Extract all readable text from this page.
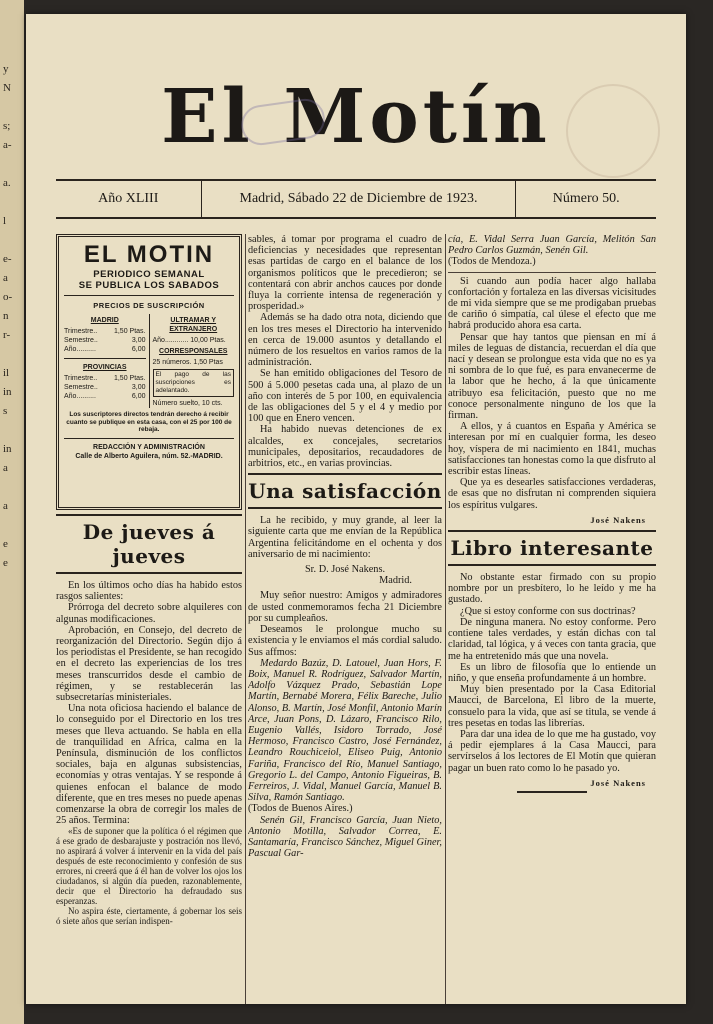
y
N

s;
a-

a.

l

e-
a
o-
n
r-

il
in
s

in
a

a

e
e
El Motín
Año XLIII	Madrid, Sábado 22 de Diciembre de 1923.	Número 50.
EL MOTIN
PERIODICO SEMANAL
SE PUBLICA LOS SABADOS
PRECIOS DE SUSCRIPCIÓN
MADRID
Trimestre.. 1,50 Ptas.
Semestre..	3,00
Año..........	6,00
PROVINCIAS
Trimestre.. 1,50 Ptas.
Semestre..	3,00
Año..........	6,00
ULTRAMAR Y EXTRANJERO
Año............ 10,00 Ptas.
CORRESPONSALES
25 números. 1,50 Ptas
El pago de las suscripciones es adelantado.
Número suelto, 10 cts.
Los suscriptores directos tendrán derecho á recibir cuanto se publique en esta casa, con el 25 por 100 de rebaja.
REDACCIÓN Y ADMINISTRACIÓN
Calle de Alberto Aguilera, núm. 52.-MADRID.
De jueves á jueves

En los últimos ocho días ha habido estos rasgos salientes:

Prórroga del decreto sobre alquileres con algunas modificaciones.

Aprobación, en Consejo, del decreto de reorganización del Directorio. Según dijo á los periodistas el Presidente, se han recogido en el decreto las experiencias de los tres meses transcurridos desde el cambio de régimen, y se restablecerán las subsecretarías ministeriales.

Una nota oficiosa haciendo el balance de lo conseguido por el Directorio en los tres meses que lleva actuando. Se habla en ella de tranquilidad en Africa, calma en la Península, disminución de los conflictos sociales, baja en algunas subsistencias, economías y otras ventajas. Y se responde á quienes enfocan el balance de modo diferente, que en tres meses no puede apenas comenzarse la obra de corregir los males de 25 años. Termina:

«Es de suponer que la política ó el régimen que á ese grado de desbarajuste y postración nos llevó, no aspirará á volver á intervenir en la vida del país después de este reconocimiento y confesión de sus errores, ni creerá que á él han de volver los ojos los ciudadanos, si algún día pueden, razonablemente, decir que el Directorio ha defraudado sus esperanzas.

No aspira éste, ciertamente, á gobernar los seis ó siete años que serían indispen-

sables, á tomar por programa el cuadro de deficiencias y necesidades que representan esas partidas de cargo en el balance de los organismos políticos que le precedieron; se contentará con abrir anchos cauces por donde fluya la corriente intensa de regeneración y prosperidad.»

Además se ha dado otra nota, diciendo que en los tres meses el Directorio ha intervenido en cerca de 19.000 asuntos y detallando el número de los resueltos en varios ramos de la administración.

Se han emitido obligaciones del Tesoro de 500 á 5.000 pesetas cada una, al plazo de un año con interés de 5 por 100, en equivalencia de las obligaciones del 5 y el 4 y medio por 100 que en Enero vencen.

Ha habido nuevas detenciones de ex alcaldes, ex concejales, secretarios municipales, depositarios, recaudadores de arbitrios, etc., en varias provincias.

Una satisfacción

La he recibido, y muy grande, al leer la siguiente carta que me envían de la República Argentina felicitándome en el ochenta y dos aniversario de mi nacimiento:

Sr. D. José Nakens.

Madrid.

Muy señor nuestro: Amigos y admiradores de usted conmemoramos fecha 21 Diciembre por su cumpleaños.

Deseamos le prolongue mucho su existencia y le enviamos el más cordial saludo. Sus affmos:

Medardo Bazúz, D. Latouel, Juan Hors, F. Boix, Manuel R. Rodríguez, Salvador Martín, Adolfo Vázquez Prado, Sebastián Lope Martín, Bernabé Morera, Félix Bareche, Julio Alonso, B. Martín, José Monfil, Antonio Marín Arce, Juan Pons, D. Lázaro, Francisco Rilo, Eugenio Vallés, Isidoro Torrado, José Hermoso, Francisco Castro, José Fernández, Leandro Rouchiceiol, Eliseo Puig, Antonio Fariña, Francisco del Río, Manuel Santiago, Gregorio L. del Campo, Antonio Figueiras, B. Ferreiros, J. Vidal, Manuel García, Manuel B. Silva, Ramón Santiago.

(Todos de Buenos Aires.)

Senén Gil, Francisco García, Juan Nieto, Antonio Motilla, Salvador Correa, E. Santamaría, Francisco Sánchez, Miguel Giner, Pascual Gar-

cía, E. Vidal Serra Juan García, Melitón San Pedro Carlos Guzmán, Senén Gil.

(Todos de Mendoza.)

Si cuando aun podía hacer algo hallaba confortación y fortaleza en las diversas vicisitudes de mi vida siempre que se me prodigaban pruebas de cariño ó simpatía, cal úlese el efecto que me habrá producido ahora esa carta.

Pensar que hay tantos que piensan en mí á miles de leguas de distancia, recuerdan el día que nací y desean se prolongue esta vida que no es ya ni sombra de lo que fué, es para envanecerme de la labor que he hecho, á la que únicamente atribuyo esa felicitación, puesto que no me conoce personalmente ninguno de los que la firman.

A ellos, y á cuantos en España y América se interesan por mí en cualquier forma, les deseo hoy, víspera de mi nacimiento en 1841, muchas satisfacciones tan honestas como la que disfruto al escribir estas líneas.

Que ya es desearles satisfacciones verdaderas, de esas que no disfrutan ni comprenden siquiera los espíritus vulgares.

José Nakens
Libro interesante

No obstante estar firmado con su propio nombre por un presbítero, lo he leído y me ha gustado.

¿Que si estoy conforme con sus doctrinas?

De ninguna manera. No estoy conforme. Pero contiene tales verdades, y están dichas con tal claridad, tal lógica, y á veces con tanta gracia, que me ha entretenido más que una novela.

Es un libro de filosofía que lo entiende un niño, y que enseña profundamente á un hombre.

Muy bien presentado por la Casa Editorial Maucci, de Barcelona, El libro de la muerte, consuelo para la vida, que así se titula, se vende á tres pesetas en todas las librerías.

Para dar una idea de lo que me ha gustado, voy á pedir ejemplares á la Casa Maucci, para servírselos á los lectores de El Motín que quieran pagar un buen rato como lo he pasado yo.

José Nakens
